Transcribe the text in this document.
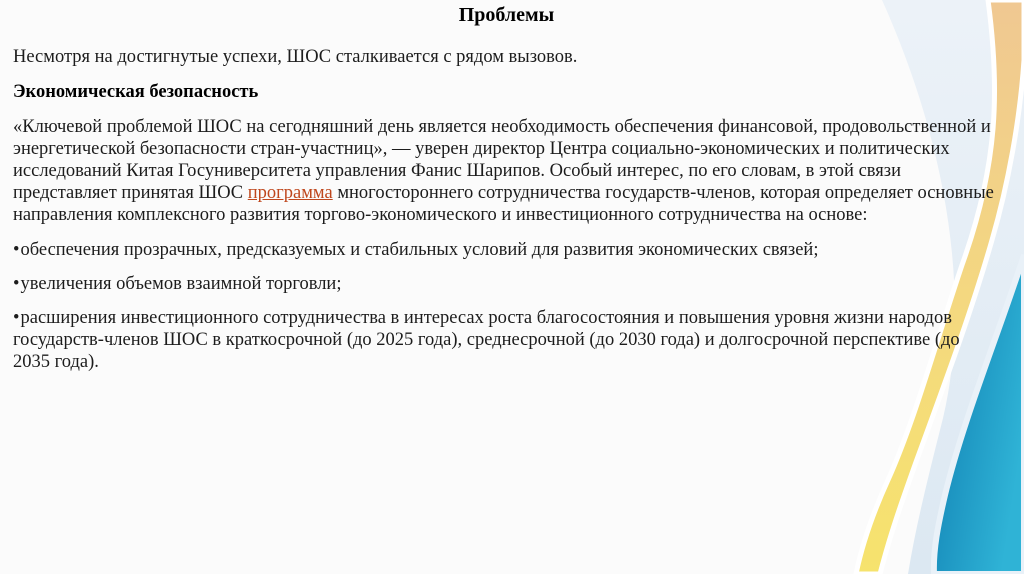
Проблемы

Несмотря на достигнутые успехи, ШОС сталкивается с рядом вызовов.

Экономическая безопасность

«Ключевой проблемой ШОС на сегодняшний день является необходимость обеспечения финансовой, продовольственной и энергетической безопасности стран-участниц», — уверен директор Центра социально-экономических и политических исследований Китая Госуниверситета управления Фанис Шарипов. Особый интерес, по его словам, в этой связи представляет принятая ШОС программа многостороннего сотрудничества государств-членов, которая определяет основные направления комплексного развития торгово-экономического и инвестиционного сотрудничества на основе:

•обеспечения прозрачных, предсказуемых и стабильных условий для развития экономических связей;

•увеличения объемов взаимной торговли;

•расширения инвестиционного сотрудничества в интересах роста благосостояния и повышения уровня жизни народов государств-членов ШОС в краткосрочной (до 2025 года), среднесрочной (до 2030 года) и долгосрочной перспективе (до 2035 года).
